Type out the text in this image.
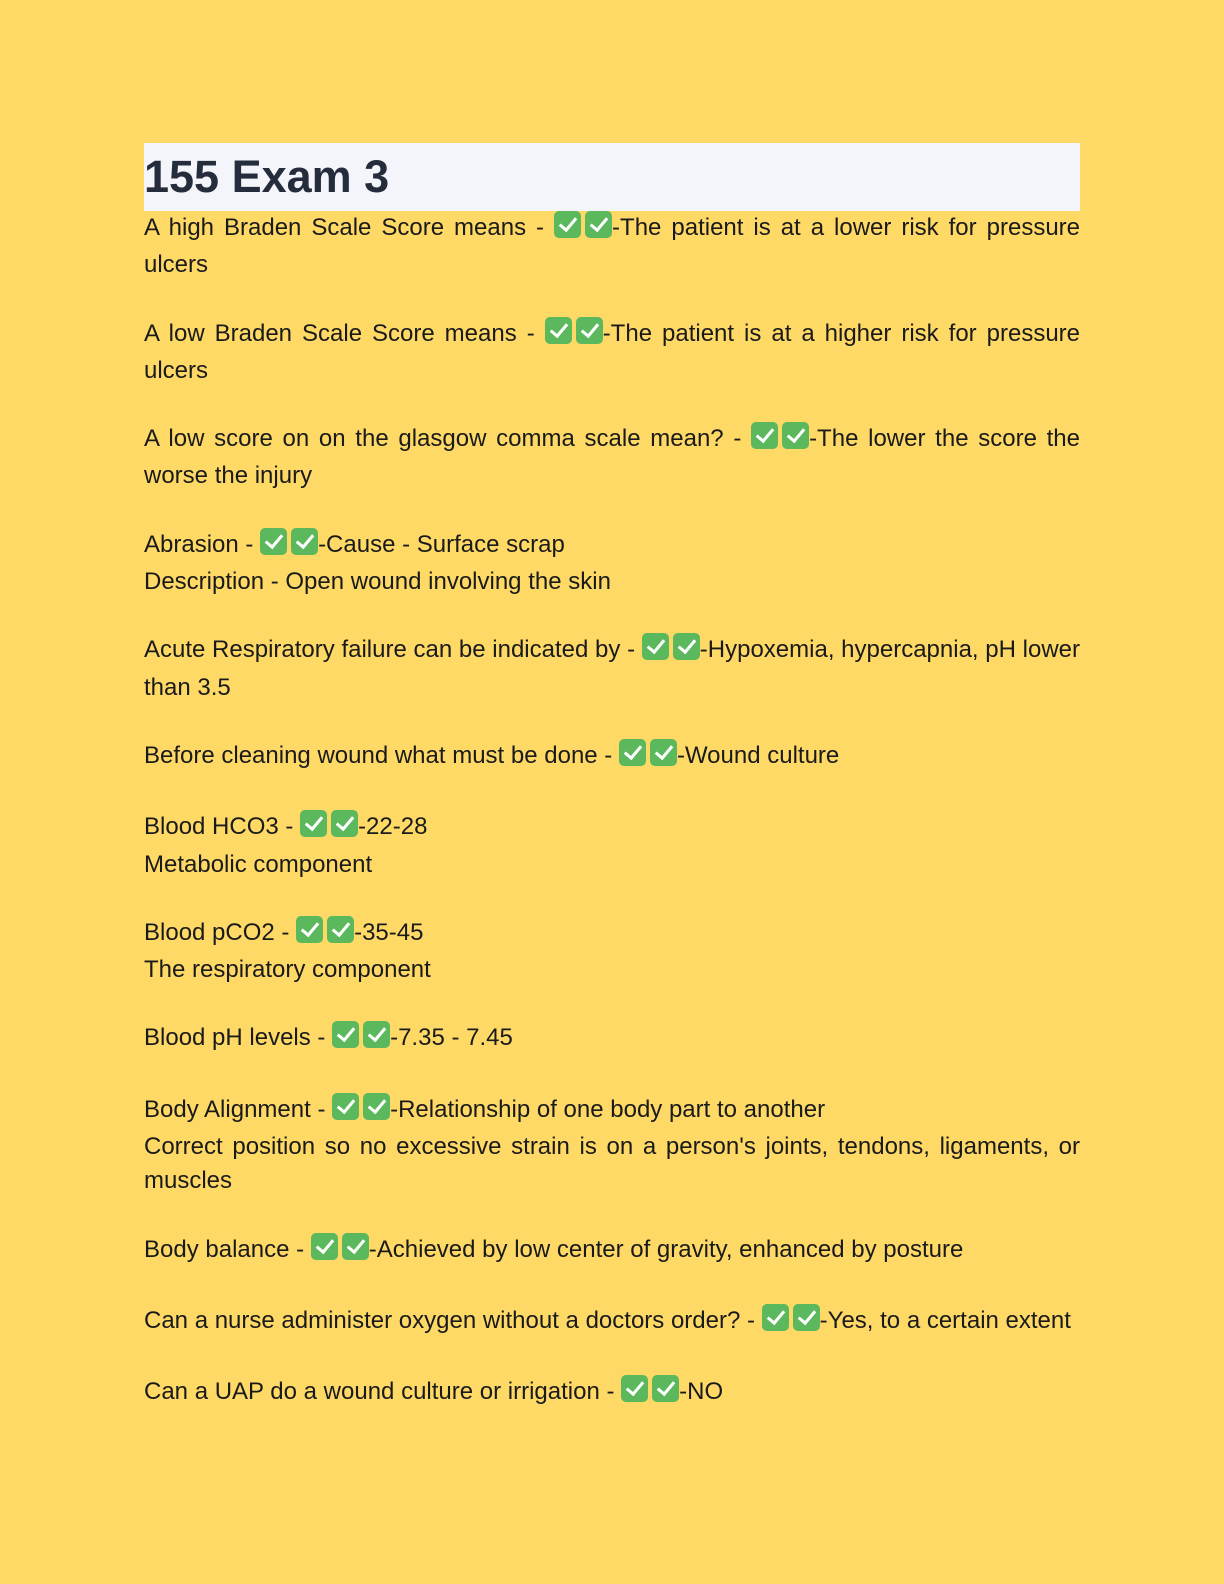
155 Exam 3

A high Braden Scale Score means -	-The patient is at a lower risk for pressure ulcers

A low Braden Scale Score means -	-The patient is at a higher risk for pressure ulcers

A low score on on the glasgow comma scale mean? -	-The lower the score the worse the injury

Abrasion -	-Cause - Surface scrap

Description - Open wound involving the skin

Acute Respiratory failure can be indicated by -	-Hypoxemia, hypercapnia, pH lower than 3.5

Before cleaning wound what must be done -	-Wound culture

Blood HCO3 -	-22-28

Metabolic component

Blood pCO2 -	-35-45

The respiratory component

Blood pH levels -	-7.35 - 7.45

Body Alignment -	-Relationship of one body part to another

Correct position so no excessive strain is on a person's joints, tendons, ligaments, or muscles

Body balance -	-Achieved by low center of gravity, enhanced by posture

Can a nurse administer oxygen without a doctors order? -	-Yes, to a certain extent

Can a UAP do a wound culture or irrigation -	-NO
